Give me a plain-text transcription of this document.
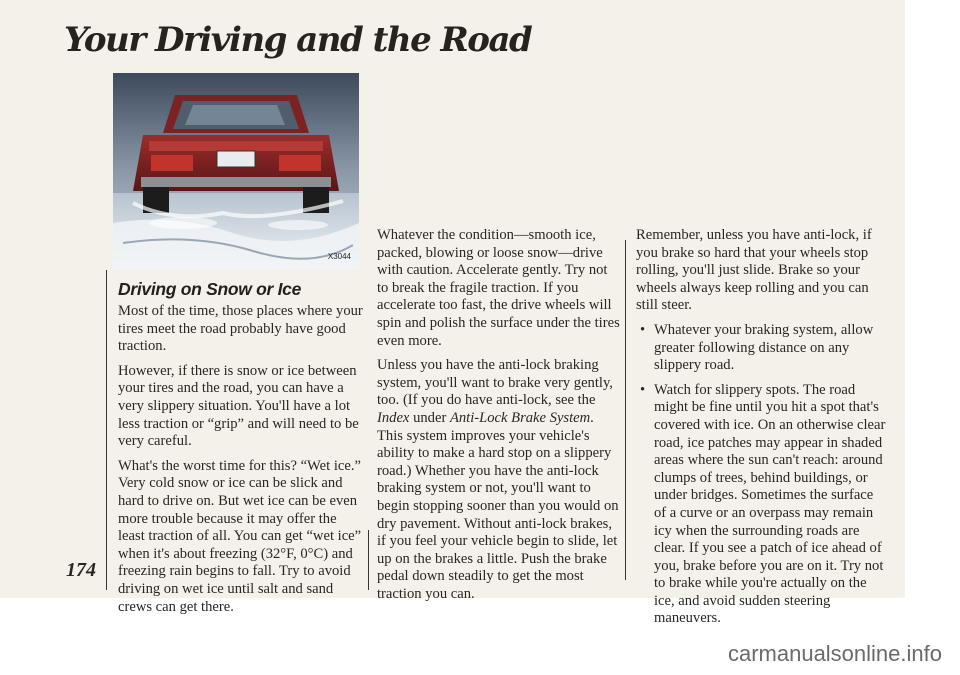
Your Driving and the Road
X3044
Driving on Snow or Ice

Most of the time, those places where your tires meet the road probably have good traction.

However, if there is snow or ice between your tires and the road, you can have a very slippery situation. You'll have a lot less traction or “grip” and will need to be very careful.

What's the worst time for this? “Wet ice.” Very cold snow or ice can be slick and hard to drive on. But wet ice can be even more trouble because it may offer the least traction of all. You can get “wet ice” when it's about freezing (32°F, 0°C) and freezing rain begins to fall. Try to avoid driving on wet ice until salt and sand crews can get there.

Whatever the condition—smooth ice, packed, blowing or loose snow—drive with caution. Accelerate gently. Try not to break the fragile traction. If you accelerate too fast, the drive wheels will spin and polish the surface under the tires even more.

Unless you have the anti-lock braking system, you'll want to brake very gently, too. (If you do have anti-lock, see the Index under Anti-Lock Brake System. This system improves your vehicle's ability to make a hard stop on a slippery road.) Whether you have the anti-lock braking system or not, you'll want to begin stopping sooner than you would on dry pavement. Without anti-lock brakes, if you feel your vehicle begin to slide, let up on the brakes a little. Push the brake pedal down steadily to get the most traction you can.

Remember, unless you have anti-lock, if you brake so hard that your wheels stop rolling, you'll just slide. Brake so your wheels always keep rolling and you can still steer.

• Whatever your braking system, allow greater following distance on any slippery road.
• Watch for slippery spots. The road might be fine until you hit a spot that's covered with ice. On an otherwise clear road, ice patches may appear in shaded areas where the sun can't reach: around clumps of trees, behind buildings, or under bridges. Sometimes the surface of a curve or an overpass may remain icy when the surrounding roads are clear. If you see a patch of ice ahead of you, brake before you are on it. Try not to brake while you're actually on the ice, and avoid sudden steering maneuvers.
174
carmanualsonline.info
